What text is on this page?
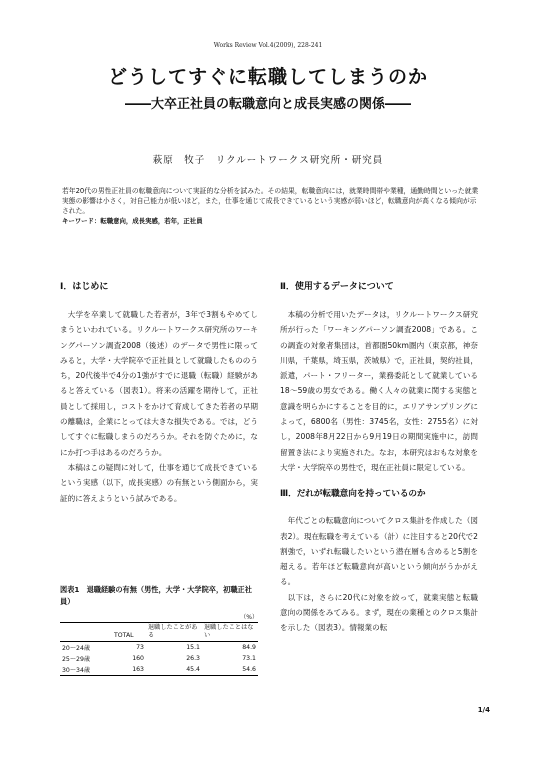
Works Review Vol.4(2009), 228-241
どうしてすぐに転職してしまうのか
――大卒正社員の転職意向と成長実感の関係――
萩原　牧子　リクルートワークス研究所・研究員
若年20代の男性正社員の転職意向について実証的な分析を試みた。その結果，転職意向には，就業時間帯や業種，通勤時間といった就業実態の影響は小さく，対自己能力が低いほど，また，仕事を通じて成長できているという実感が弱いほど，転職意向が高くなる傾向が示された。
キーワード：転職意向，成長実感，若年，正社員
Ⅰ．はじめに

大学を卒業して就職した若者が，3年で3割もやめてしまうといわれている。リクルートワークス研究所のワーキングパーソン調査2008（後述）のデータで男性に限ってみると，大学・大学院卒で正社員として就職したもののうち，20代後半で4分の1強がすでに退職（転職）経験があると答えている（図表1）。将来の活躍を期待して，正社員として採用し，コストをかけて育成してきた若者の早期の離職は，企業にとっては大きな損失である。では，どうしてすぐに転職しまうのだろうか。それを防ぐために，なにか打つ手はあるのだろうか。

本稿はこの疑問に対して，仕事を通じて成長できているという実感（以下，成長実感）の有無という側面から，実証的に答えようという試みである。

図表1　退職経験の有無（男性，大学・大学院卒，初職正社員）
（%）
	TOTAL	退職したことがある	退職したことはない
20～24歳	73	15.1	84.9
25～29歳	160	26.3	73.1
30～34歳	163	45.4	54.6
Ⅱ．使用するデータについて

本稿の分析で用いたデータは，リクルートワークス研究所が行った「ワーキングパーソン調査2008」である。この調査の対象者集団は，首都圏50km圏内（東京都，神奈川県，千葉県，埼玉県，茨城県）で，正社員，契約社員，派遣，パート・フリーター，業務委託として就業している18～59歳の男女である。働く人々の就業に関する実態と意識を明らかにすることを目的に，エリアサンプリングによって，6800名（男性：3745名，女性：2755名）に対し，2008年8月22日から9月19日の期間実施中に，訪問留置き法により実施された。なお，本研究はおもな対象を大学・大学院卒の男性で，現在正社員に限定している。

Ⅲ．だれが転職意向を持っているのか

年代ごとの転職意向についてクロス集計を作成した（図表2）。現在転職を考えている（計）に注目すると20代で2割強で，いずれ転職したいという潜在層も含めると5割を超える。若年ほど転職意向が高いという傾向がうかがえる。

以下は，さらに20代に対象を絞って，就業実態と転職意向の関係をみてみる。まず，現在の業種とのクロス集計を示した（図表3）。情報業の転

1/4
